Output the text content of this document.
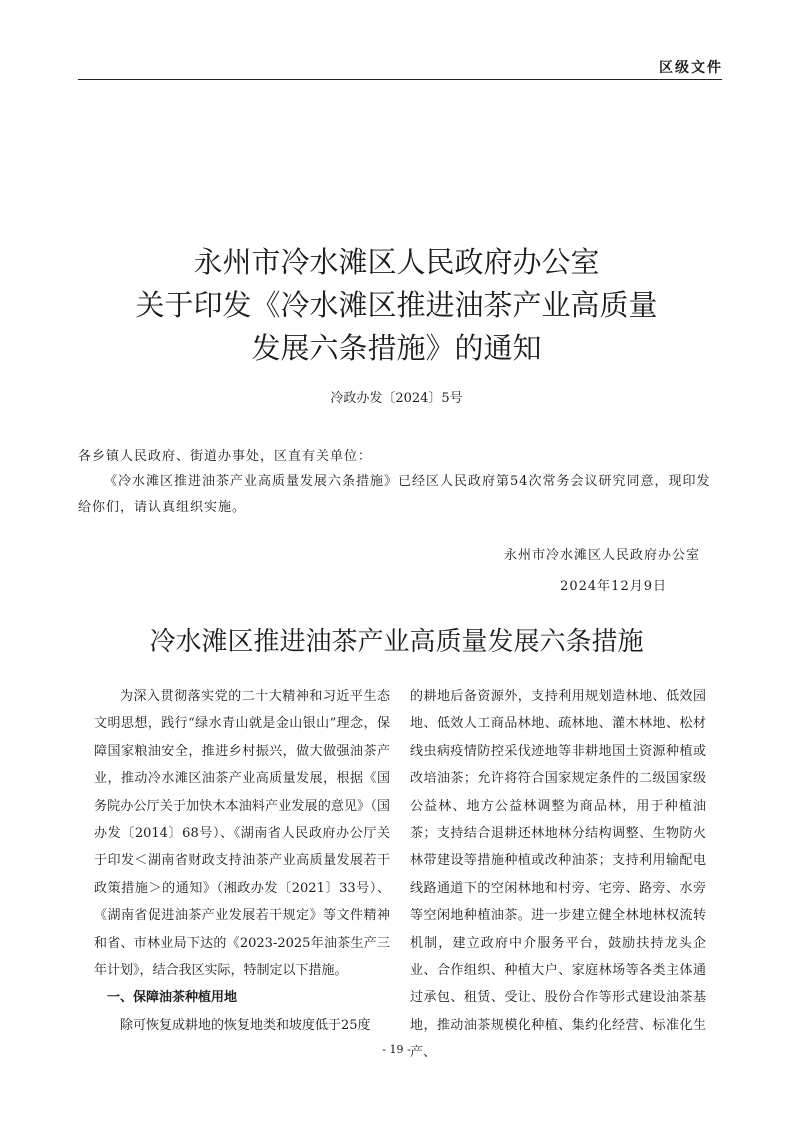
区级文件
永州市冷水滩区人民政府办公室
关于印发《冷水滩区推进油茶产业高质量
发展六条措施》的通知
冷政办发〔2024〕5号
各乡镇人民政府、街道办事处，区直有关单位：

《冷水滩区推进油茶产业高质量发展六条措施》已经区人民政府第54次常务会议研究同意，现印发给你们，请认真组织实施。

永州市冷水滩区人民政府办公室
2024年12月9日
冷水滩区推进油茶产业高质量发展六条措施

为深入贯彻落实党的二十大精神和习近平生态文明思想，践行“绿水青山就是金山银山”理念，保障国家粮油安全，推进乡村振兴，做大做强油茶产业，推动冷水滩区油茶产业高质量发展，根据《国务院办公厅关于加快木本油料产业发展的意见》（国办发〔2014〕68号）、《湖南省人民政府办公厅关于印发＜湖南省财政支持油茶产业高质量发展若干政策措施＞的通知》（湘政办发〔2021〕33号）、《湖南省促进油茶产业发展若干规定》等文件精神和省、市林业局下达的《2023-2025年油茶生产三年计划》，结合我区实际，特制定以下措施。

一、保障油茶种植用地

除可恢复成耕地的恢复地类和坡度低于25度

的耕地后备资源外，支持利用规划造林地、低效园地、低效人工商品林地、疏林地、灌木林地、松材线虫病疫情防控采伐迹地等非耕地国土资源种植或改培油茶；允许将符合国家规定条件的二级国家级公益林、地方公益林调整为商品林，用于种植油茶；支持结合退耕还林地林分结构调整、生物防火林带建设等措施种植或改种油茶；支持利用输配电线路通道下的空闲林地和村旁、宅旁、路旁、水旁等空闲地种植油茶。进一步建立健全林地林权流转机制，建立政府中介服务平台，鼓励扶持龙头企业、合作组织、种植大户、家庭林场等各类主体通过承包、租赁、受让、股份合作等形式建设油茶基地，推动油茶规模化种植、集约化经营、标准化生产、

- 19 -
